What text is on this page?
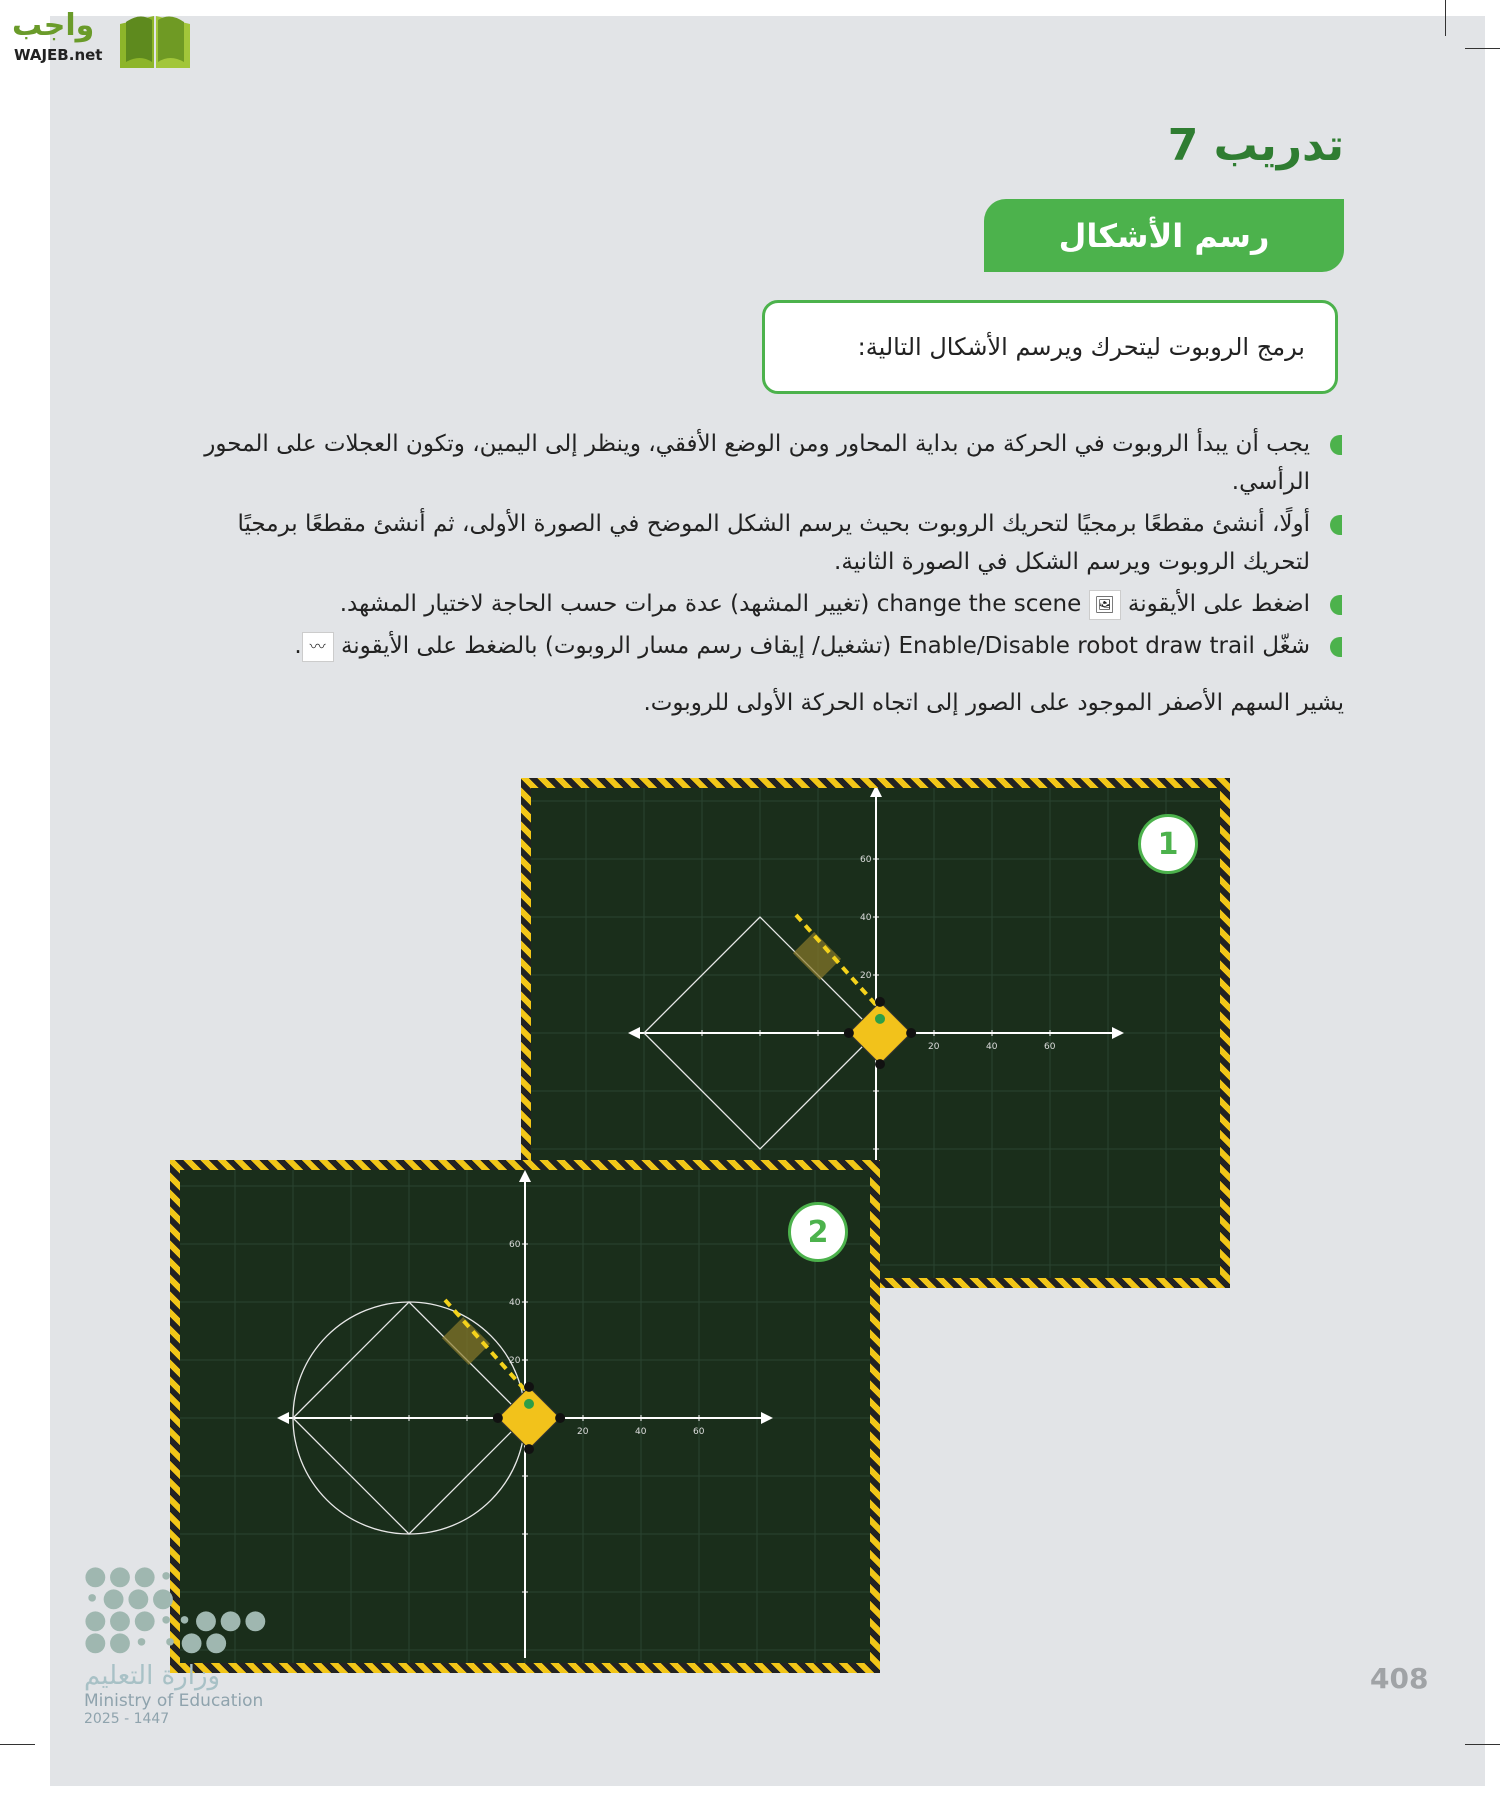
واجب
WAJEB.net
تدريب 7
رسم الأشكال
برمج الروبوت ليتحرك ويرسم الأشكال التالية:
يجب أن يبدأ الروبوت في الحركة من بداية المحاور ومن الوضع الأفقي، وينظر إلى اليمين، وتكون العجلات على المحور الرأسي.
أولًا، أنشئ مقطعًا برمجيًا لتحريك الروبوت بحيث يرسم الشكل الموضح في الصورة الأولى، ثم أنشئ مقطعًا برمجيًا لتحريك الروبوت ويرسم الشكل في الصورة الثانية.
اضغط على الأيقونة 🖼 change the scene (تغيير المشهد) عدة مرات حسب الحاجة لاختيار المشهد.
شغّل Enable/Disable robot draw trail (تشغيل/ إيقاف رسم مسار الروبوت) بالضغط على الأيقونة 〰.
يشير السهم الأصفر الموجود على الصور إلى اتجاه الحركة الأولى للروبوت.
20
20
40
40
60
60	1
20
20
40
40
60
60	2
●●●∙ ∙●●●
●●●∙∙●●●
●●∙ ∙●●
وزارة التعليم
Ministry of Education
2025 - 1447
408
